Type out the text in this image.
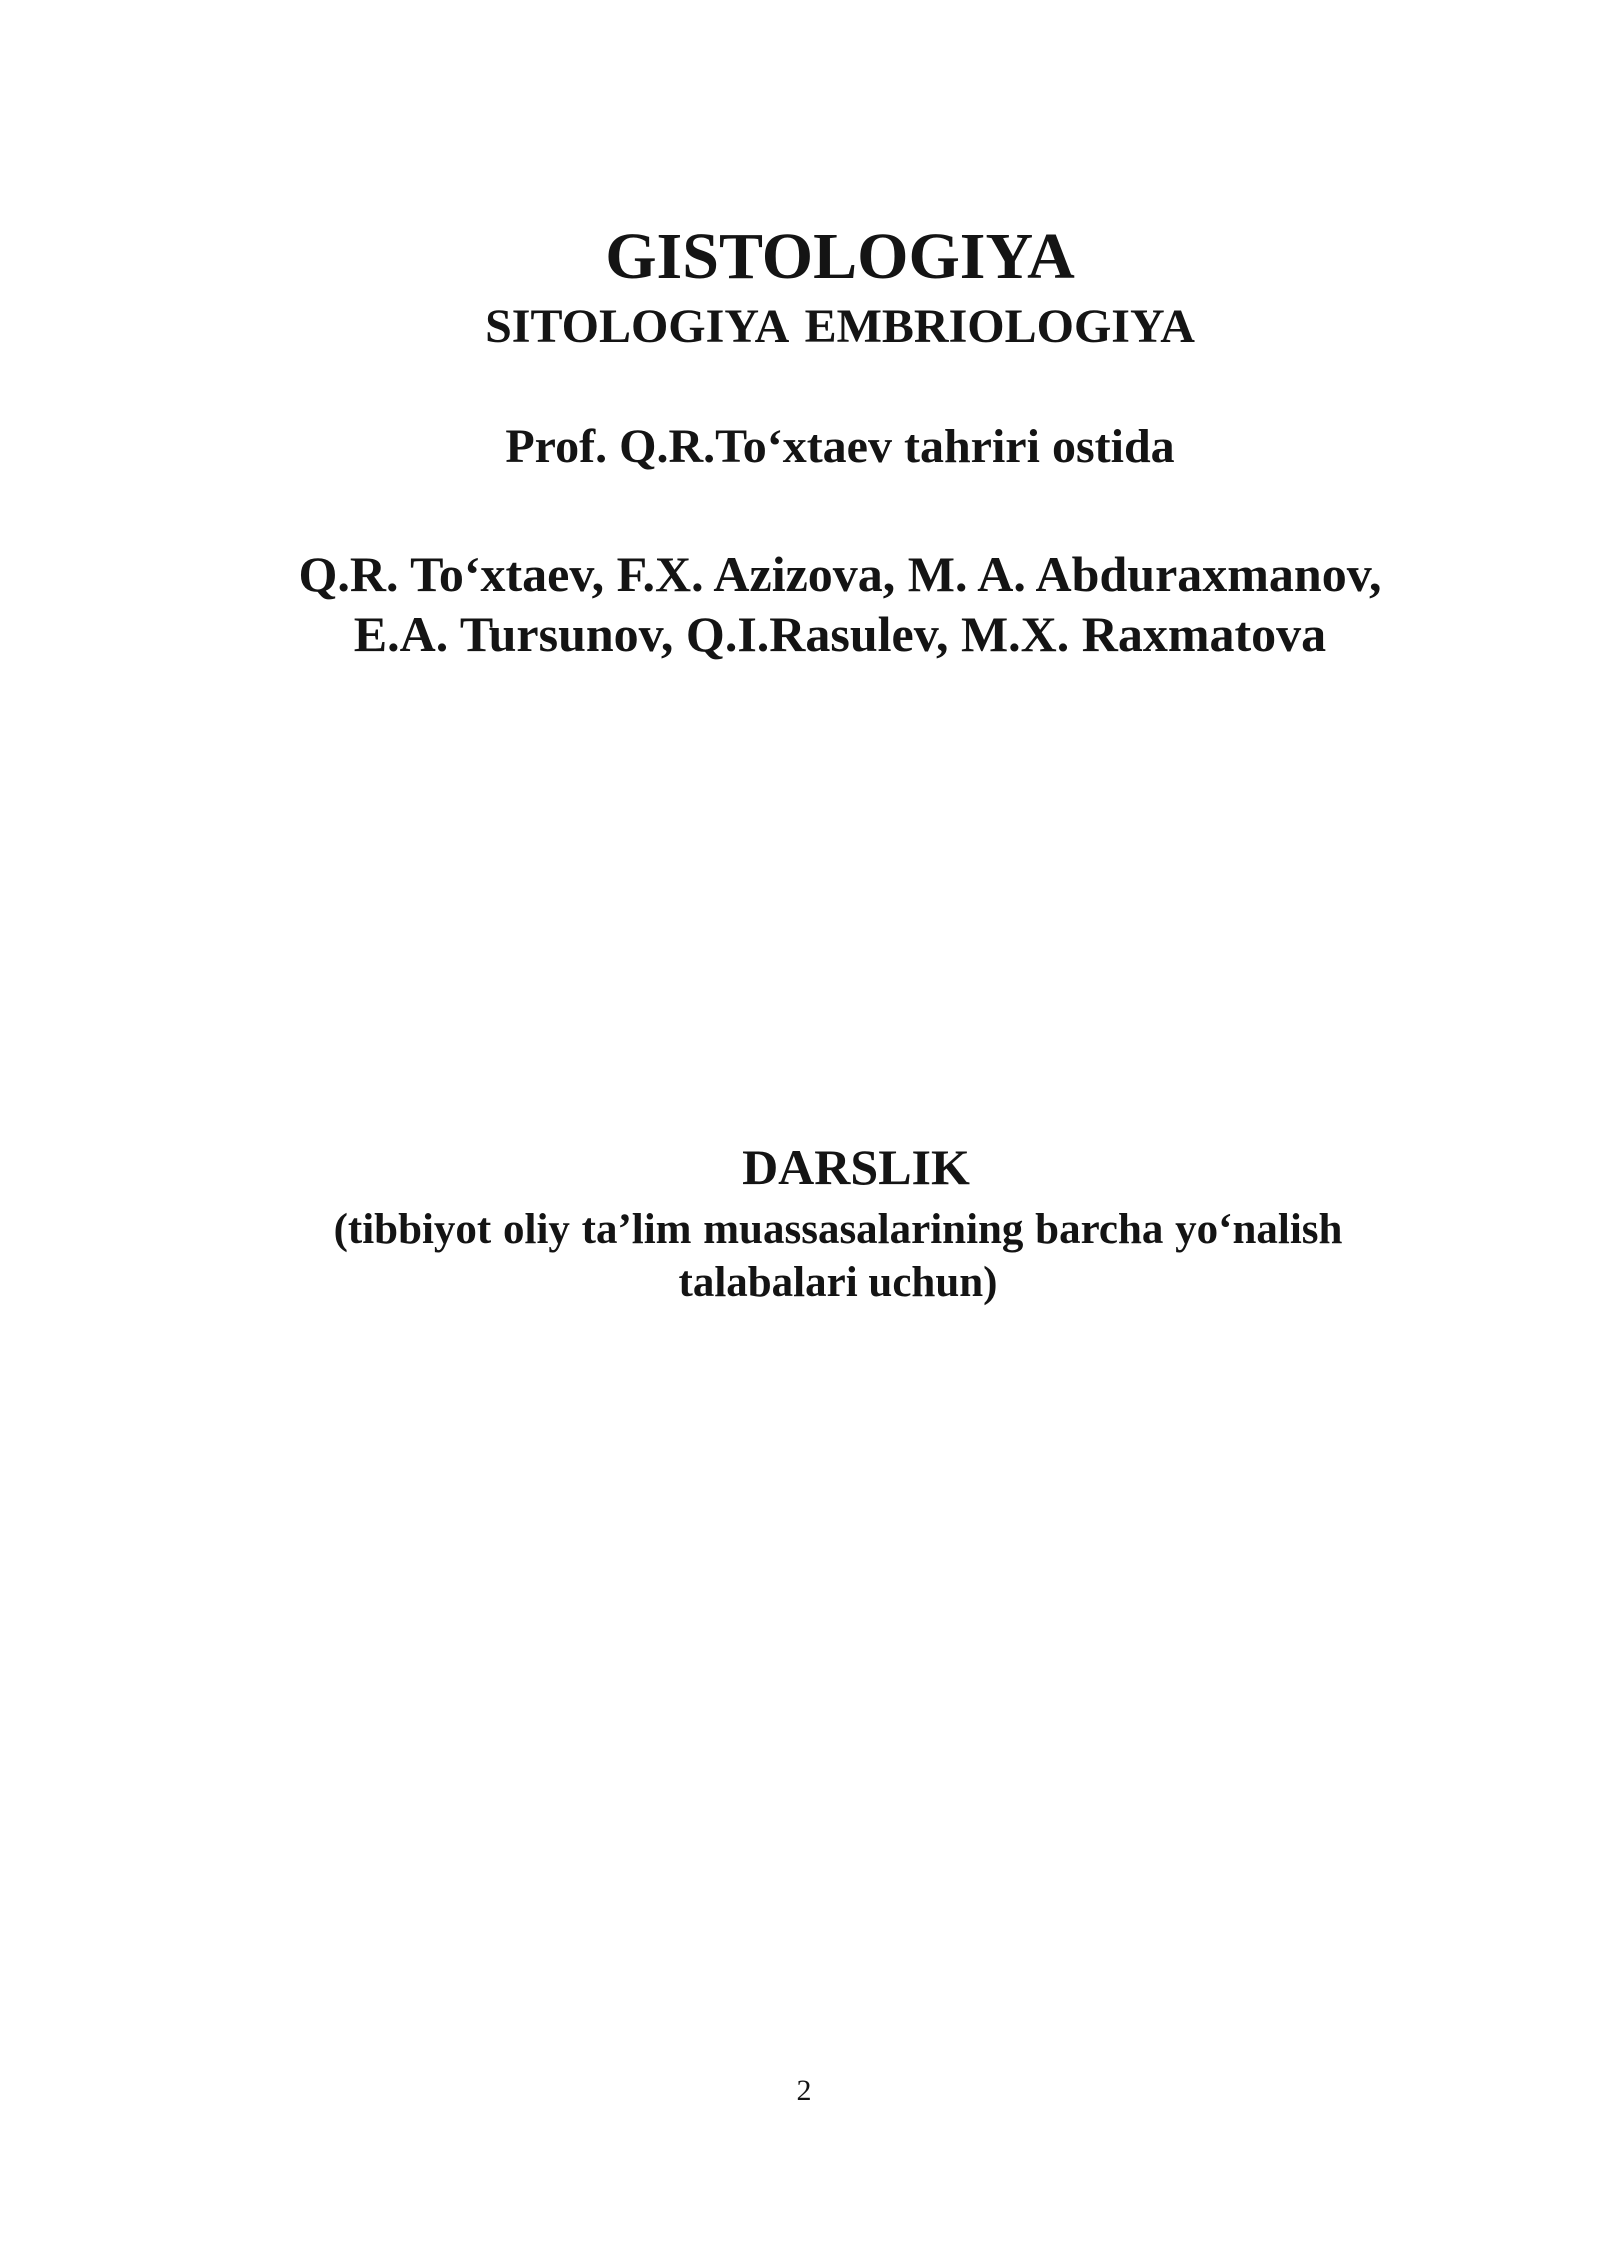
GISTOLOGIYA
SITOLOGIYA EMBRIOLOGIYA
Prof. Q.R.To‘xtaev tahriri ostida
Q.R. To‘xtaev, F.X. Azizova, M. A. Abduraxmanov,
E.A. Tursunov, Q.I.Rasulev, M.X. Raxmatova
DARSLIK
(tibbiyot oliy ta’lim muassasalarining barcha yo‘nalish
talabalari uchun)
2
